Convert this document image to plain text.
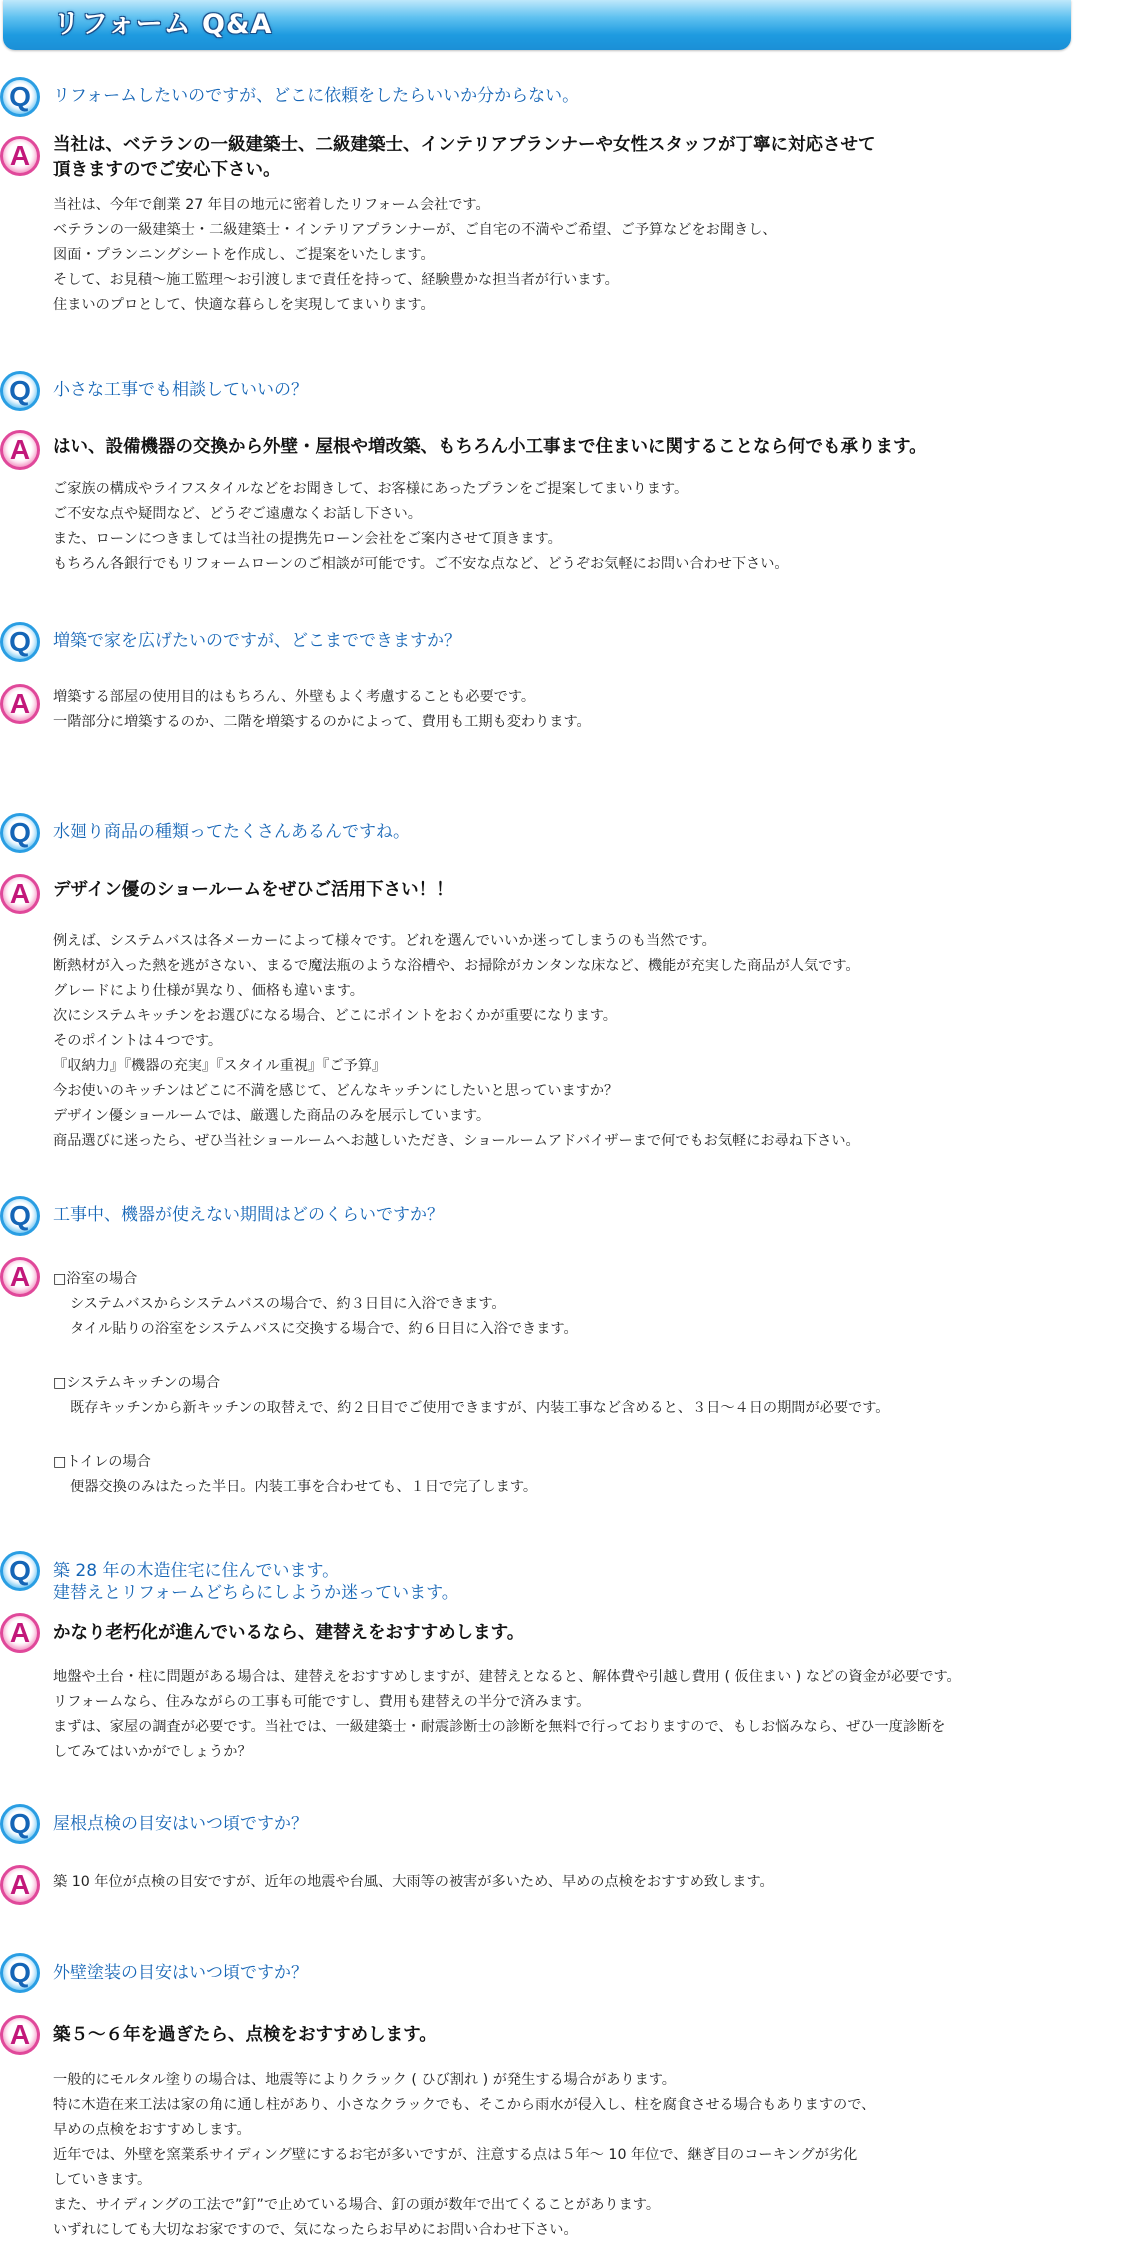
リフォーム Q&A
Q	リフォームしたいのですが、どこに依頼をしたらいいか分からない。
A	当社は、ベテランの一級建築士、二級建築士、インテリアプランナーや女性スタッフが丁寧に対応させて
頂きますのでご安心下さい。
当社は、今年で創業 27 年目の地元に密着したリフォーム会社です。
ベテランの一級建築士・二級建築士・インテリアプランナーが、ご自宅の不満やご希望、ご予算などをお聞きし、
図面・プランニングシートを作成し、ご提案をいたします。
そして、お見積～施工監理～お引渡しまで責任を持って、経験豊かな担当者が行います。
住まいのプロとして、快適な暮らしを実現してまいります。
Q	小さな工事でも相談していいの？
A	はい、設備機器の交換から外壁・屋根や増改築、もちろん小工事まで住まいに関することなら何でも承ります。
ご家族の構成やライフスタイルなどをお聞きして、お客様にあったプランをご提案してまいります。
ご不安な点や疑問など、どうぞご遠慮なくお話し下さい。
また、ローンにつきましては当社の提携先ローン会社をご案内させて頂きます。
もちろん各銀行でもリフォームローンのご相談が可能です。ご不安な点など、どうぞお気軽にお問い合わせ下さい。
Q	増築で家を広げたいのですが、どこまでできますか？
A	増築する部屋の使用目的はもちろん、外壁もよく考慮することも必要です。
一階部分に増築するのか、二階を増築するのかによって、費用も工期も変わります。
Q	水廻り商品の種類ってたくさんあるんですね。
A	デザイン優のショールームをぜひご活用下さい！！
例えば、システムバスは各メーカーによって様々です。どれを選んでいいか迷ってしまうのも当然です。
断熱材が入った熱を逃がさない、まるで魔法瓶のような浴槽や、お掃除がカンタンな床など、機能が充実した商品が人気です。
グレードにより仕様が異なり、価格も違います。
次にシステムキッチンをお選びになる場合、どこにポイントをおくかが重要になります。
そのポイントは４つです。
『収納力』『機器の充実』『スタイル重視』『ご予算』
今お使いのキッチンはどこに不満を感じて、どんなキッチンにしたいと思っていますか？
デザイン優ショールームでは、厳選した商品のみを展示しています。
商品選びに迷ったら、ぜひ当社ショールームへお越しいただき、ショールームアドバイザーまで何でもお気軽にお尋ね下さい。
Q	工事中、機器が使えない期間はどのくらいですか？
A	□浴室の場合
システムバスからシステムバスの場合で、約３日目に入浴できます。
タイル貼りの浴室をシステムバスに交換する場合で、約６日目に入浴できます。
□システムキッチンの場合
既存キッチンから新キッチンの取替えで、約２日目でご使用できますが、内装工事など含めると、３日～４日の期間が必要です。
□トイレの場合
便器交換のみはたった半日。内装工事を合わせても、１日で完了します。
Q	築 28 年の木造住宅に住んでいます。
建替えとリフォームどちらにしようか迷っています。
A	かなり老朽化が進んでいるなら、建替えをおすすめします。
地盤や土台・柱に問題がある場合は、建替えをおすすめしますが、建替えとなると、解体費や引越し費用 ( 仮住まい ) などの資金が必要です。
リフォームなら、住みながらの工事も可能ですし、費用も建替えの半分で済みます。
まずは、家屋の調査が必要です。当社では、一級建築士・耐震診断士の診断を無料で行っておりますので、もしお悩みなら、ぜひ一度診断を
してみてはいかがでしょうか？
Q	屋根点検の目安はいつ頃ですか？
A	築 10 年位が点検の目安ですが、近年の地震や台風、大雨等の被害が多いため、早めの点検をおすすめ致します。
Q	外壁塗装の目安はいつ頃ですか？
A	築５～６年を過ぎたら、点検をおすすめします。
一般的にモルタル塗りの場合は、地震等によりクラック ( ひび割れ ) が発生する場合があります。
特に木造在来工法は家の角に通し柱があり、小さなクラックでも、そこから雨水が侵入し、柱を腐食させる場合もありますので、
早めの点検をおすすめします。
近年では、外壁を窯業系サイディング壁にするお宅が多いですが、注意する点は５年～ 10 年位で、継ぎ目のコーキングが劣化
していきます。
また、サイディングの工法で”釘”で止めている場合、釘の頭が数年で出てくることがあります。
いずれにしても大切なお家ですので、気になったらお早めにお問い合わせ下さい。
